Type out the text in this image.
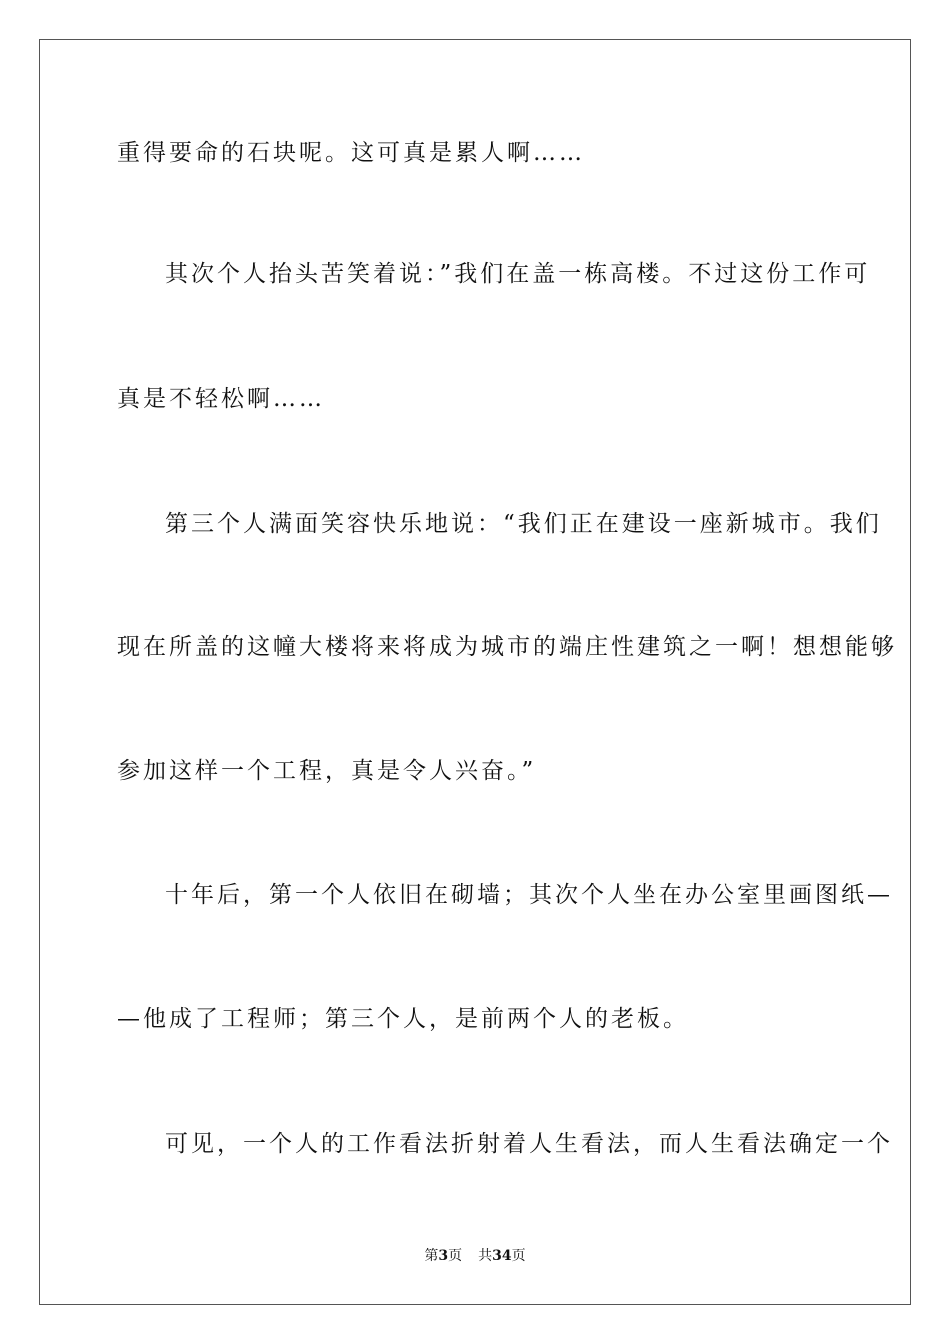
重得要命的石块呢。这可真是累人啊……
其次个人抬头苦笑着说：”我们在盖一栋高楼。不过这份工作可
真是不轻松啊……
第三个人满面笑容快乐地说：“我们正在建设一座新城市。我们
现在所盖的这幢大楼将来将成为城市的端庄性建筑之一啊！想想能够
参加这样一个工程，真是令人兴奋。”
十年后，第一个人依旧在砌墙；其次个人坐在办公室里画图纸—
—他成了工程师；第三个人，是前两个人的老板。
可见，一个人的工作看法折射着人生看法，而人生看法确定一个
第3页 共34页
